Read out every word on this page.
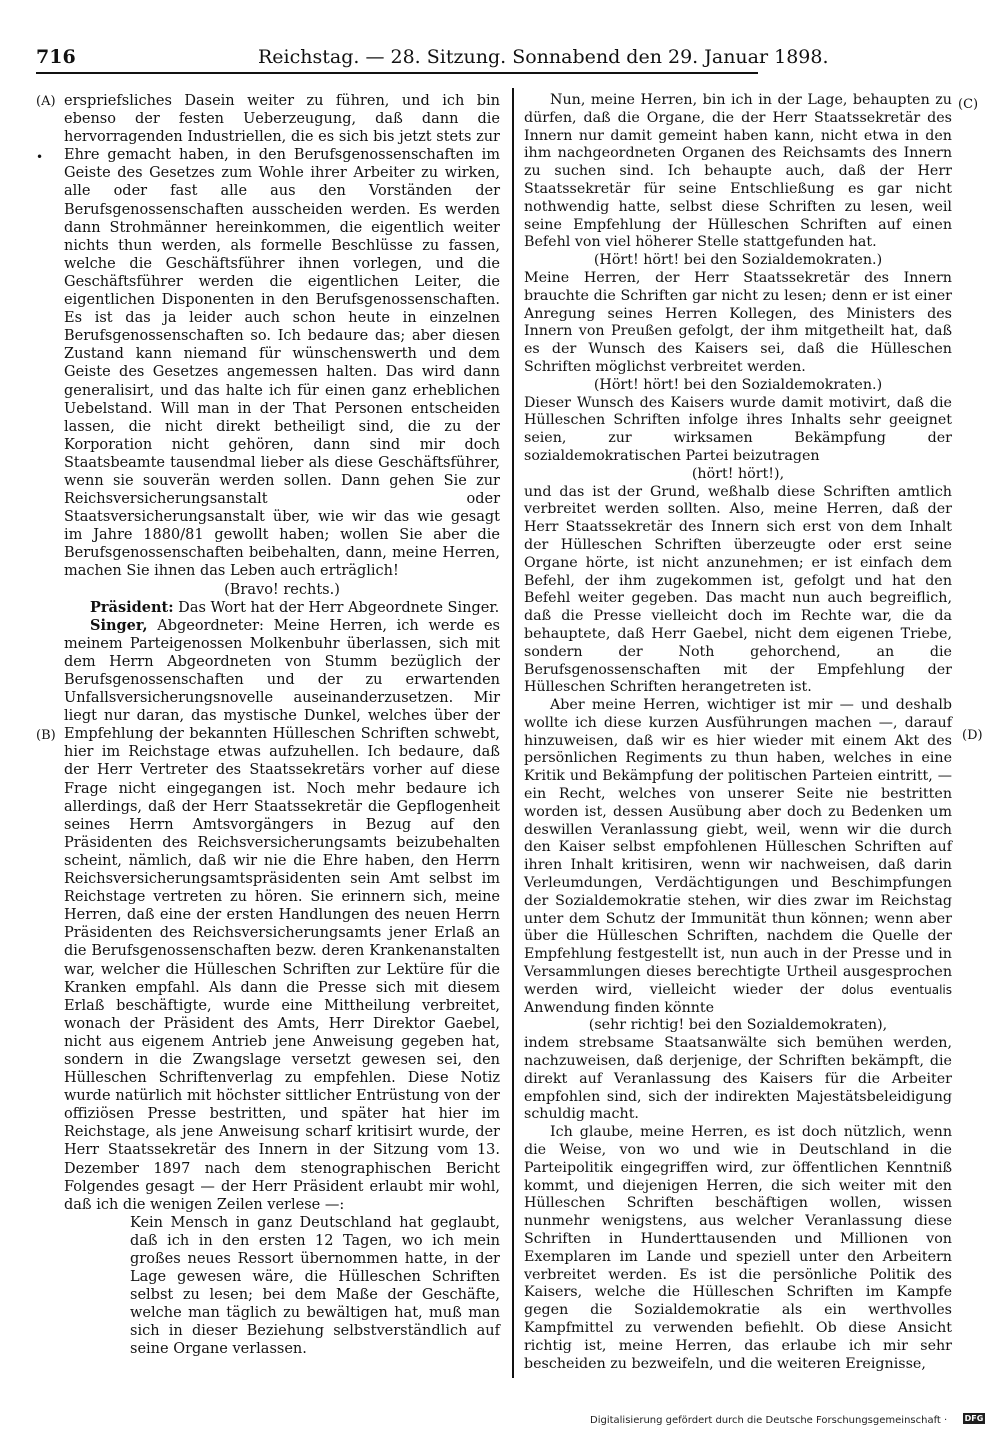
716	Reichstag. — 28. Sitzung. Sonnabend den 29. Januar 1898.
(A)
•
(B)
(C)
(D)

erspriefsliches Dasein weiter zu führen, und ich bin ebenso der festen Ueberzeugung, daß dann die hervorragenden Industriellen, die es sich bis jetzt stets zur Ehre gemacht haben, in den Berufsgenossenschaften im Geiste des Gesetzes zum Wohle ihrer Arbeiter zu wirken, alle oder fast alle aus den Vorständen der Berufsgenossenschaften ausscheiden werden. Es werden dann Strohmänner hereinkommen, die eigentlich weiter nichts thun werden, als formelle Beschlüsse zu fassen, welche die Geschäftsführer ihnen vorlegen, und die Geschäftsführer werden die eigentlichen Leiter, die eigentlichen Disponenten in den Berufsgenossenschaften. Es ist das ja leider auch schon heute in einzelnen Berufsgenossenschaften so. Ich bedaure das; aber diesen Zustand kann niemand für wünschenswerth und dem Geiste des Gesetzes angemessen halten. Das wird dann generalisirt, und das halte ich für einen ganz erheblichen Uebelstand. Will man in der That Personen entscheiden lassen, die nicht direkt betheiligt sind, die zu der Korporation nicht gehören, dann sind mir doch Staatsbeamte tausendmal lieber als diese Geschäftsführer, wenn sie souverän werden sollen. Dann gehen Sie zur Reichsversicherungsanstalt oder Staatsversicherungsanstalt über, wie wir das wie gesagt im Jahre 1880/81 gewollt haben; wollen Sie aber die Berufsgenossenschaften beibehalten, dann, meine Herren, machen Sie ihnen das Leben auch erträglich!

(Bravo! rechts.)

Präsident: Das Wort hat der Herr Abgeordnete Singer.

Singer, Abgeordneter: Meine Herren, ich werde es meinem Parteigenossen Molkenbuhr überlassen, sich mit dem Herrn Abgeordneten von Stumm bezüglich der Berufsgenossenschaften und der zu erwartenden Unfallsversicherungsnovelle auseinanderzusetzen. Mir liegt nur daran, das mystische Dunkel, welches über der Empfehlung der bekannten Hülleschen Schriften schwebt, hier im Reichstage etwas aufzuhellen. Ich bedaure, daß der Herr Vertreter des Staatssekretärs vorher auf diese Frage nicht eingegangen ist. Noch mehr bedaure ich allerdings, daß der Herr Staatssekretär die Gepflogenheit seines Herrn Amtsvorgängers in Bezug auf den Präsidenten des Reichsversicherungsamts beizubehalten scheint, nämlich, daß wir nie die Ehre haben, den Herrn Reichsversicherungsamtspräsidenten sein Amt selbst im Reichstage vertreten zu hören. Sie erinnern sich, meine Herren, daß eine der ersten Handlungen des neuen Herrn Präsidenten des Reichsversicherungsamts jener Erlaß an die Berufsgenossenschaften bezw. deren Krankenanstalten war, welcher die Hülleschen Schriften zur Lektüre für die Kranken empfahl. Als dann die Presse sich mit diesem Erlaß beschäftigte, wurde eine Mittheilung verbreitet, wonach der Präsident des Amts, Herr Direktor Gaebel, nicht aus eigenem Antrieb jene Anweisung gegeben hat, sondern in die Zwangslage versetzt gewesen sei, den Hülleschen Schriftenverlag zu empfehlen. Diese Notiz wurde natürlich mit höchster sittlicher Entrüstung von der offiziösen Presse bestritten, und später hat hier im Reichstage, als jene Anweisung scharf kritisirt wurde, der Herr Staatssekretär des Innern in der Sitzung vom 13. Dezember 1897 nach dem stenographischen Bericht Folgendes gesagt — der Herr Präsident erlaubt mir wohl, daß ich die wenigen Zeilen verlese —:

Kein Mensch in ganz Deutschland hat geglaubt, daß ich in den ersten 12 Tagen, wo ich mein großes neues Ressort übernommen hatte, in der Lage gewesen wäre, die Hülleschen Schriften selbst zu lesen; bei dem Maße der Geschäfte, welche man täglich zu bewältigen hat, muß man sich in dieser Beziehung selbstverständlich auf seine Organe verlassen.

Nun, meine Herren, bin ich in der Lage, behaupten zu dürfen, daß die Organe, die der Herr Staatssekretär des Innern nur damit gemeint haben kann, nicht etwa in den ihm nachgeordneten Organen des Reichsamts des Innern zu suchen sind. Ich behaupte auch, daß der Herr Staatssekretär für seine Entschließung es gar nicht nothwendig hatte, selbst diese Schriften zu lesen, weil seine Empfehlung der Hülleschen Schriften auf einen Befehl von viel höherer Stelle stattgefunden hat.

(Hört! hört! bei den Sozialdemokraten.)

Meine Herren, der Herr Staatssekretär des Innern brauchte die Schriften gar nicht zu lesen; denn er ist einer Anregung seines Herren Kollegen, des Ministers des Innern von Preußen gefolgt, der ihm mitgetheilt hat, daß es der Wunsch des Kaisers sei, daß die Hülleschen Schriften möglichst verbreitet werden.

(Hört! hört! bei den Sozialdemokraten.)

Dieser Wunsch des Kaisers wurde damit motivirt, daß die Hülleschen Schriften infolge ihres Inhalts sehr geeignet seien, zur wirksamen Bekämpfung der sozialdemokratischen Partei beizutragen

(hört! hört!),

und das ist der Grund, weßhalb diese Schriften amtlich verbreitet werden sollten. Also, meine Herren, daß der Herr Staatssekretär des Innern sich erst von dem Inhalt der Hülleschen Schriften überzeugte oder erst seine Organe hörte, ist nicht anzunehmen; er ist einfach dem Befehl, der ihm zugekommen ist, gefolgt und hat den Befehl weiter gegeben. Das macht nun auch begreiflich, daß die Presse vielleicht doch im Rechte war, die da behauptete, daß Herr Gaebel, nicht dem eigenen Triebe, sondern der Noth gehorchend, an die Berufsgenossenschaften mit der Empfehlung der Hülleschen Schriften herangetreten ist.

Aber meine Herren, wichtiger ist mir — und deshalb wollte ich diese kurzen Ausführungen machen —, darauf hinzuweisen, daß wir es hier wieder mit einem Akt des persönlichen Regiments zu thun haben, welches in eine Kritik und Bekämpfung der politischen Parteien eintritt, — ein Recht, welches von unserer Seite nie bestritten worden ist, dessen Ausübung aber doch zu Bedenken um deswillen Veranlassung giebt, weil, wenn wir die durch den Kaiser selbst empfohlenen Hülleschen Schriften auf ihren Inhalt kritisiren, wenn wir nachweisen, daß darin Verleumdungen, Verdächtigungen und Beschimpfungen der Sozialdemokratie stehen, wir dies zwar im Reichstag unter dem Schutz der Immunität thun können; wenn aber über die Hülleschen Schriften, nachdem die Quelle der Empfehlung festgestellt ist, nun auch in der Presse und in Versammlungen dieses berechtigte Urtheil ausgesprochen werden wird, vielleicht wieder der dolus eventualis Anwendung finden könnte

(sehr richtig! bei den Sozialdemokraten),

indem strebsame Staatsanwälte sich bemühen werden, nachzuweisen, daß derjenige, der Schriften bekämpft, die direkt auf Veranlassung des Kaisers für die Arbeiter empfohlen sind, sich der indirekten Majestätsbeleidigung schuldig macht.

Ich glaube, meine Herren, es ist doch nützlich, wenn die Weise, von wo und wie in Deutschland in die Parteipolitik eingegriffen wird, zur öffentlichen Kenntniß kommt, und diejenigen Herren, die sich weiter mit den Hülleschen Schriften beschäftigen wollen, wissen nunmehr wenigstens, aus welcher Veranlassung diese Schriften in Hunderttausenden und Millionen von Exemplaren im Lande und speziell unter den Arbeitern verbreitet werden. Es ist die persönliche Politik des Kaisers, welche die Hülleschen Schriften im Kampfe gegen die Sozialdemokratie als ein werthvolles Kampfmittel zu verwenden befiehlt. Ob diese Ansicht richtig ist, meine Herren, das erlaube ich mir sehr bescheiden zu bezweifeln, und die weiteren Ereignisse,

Digitalisierung gefördert durch die Deutsche Forschungsgemeinschaft · DFG
